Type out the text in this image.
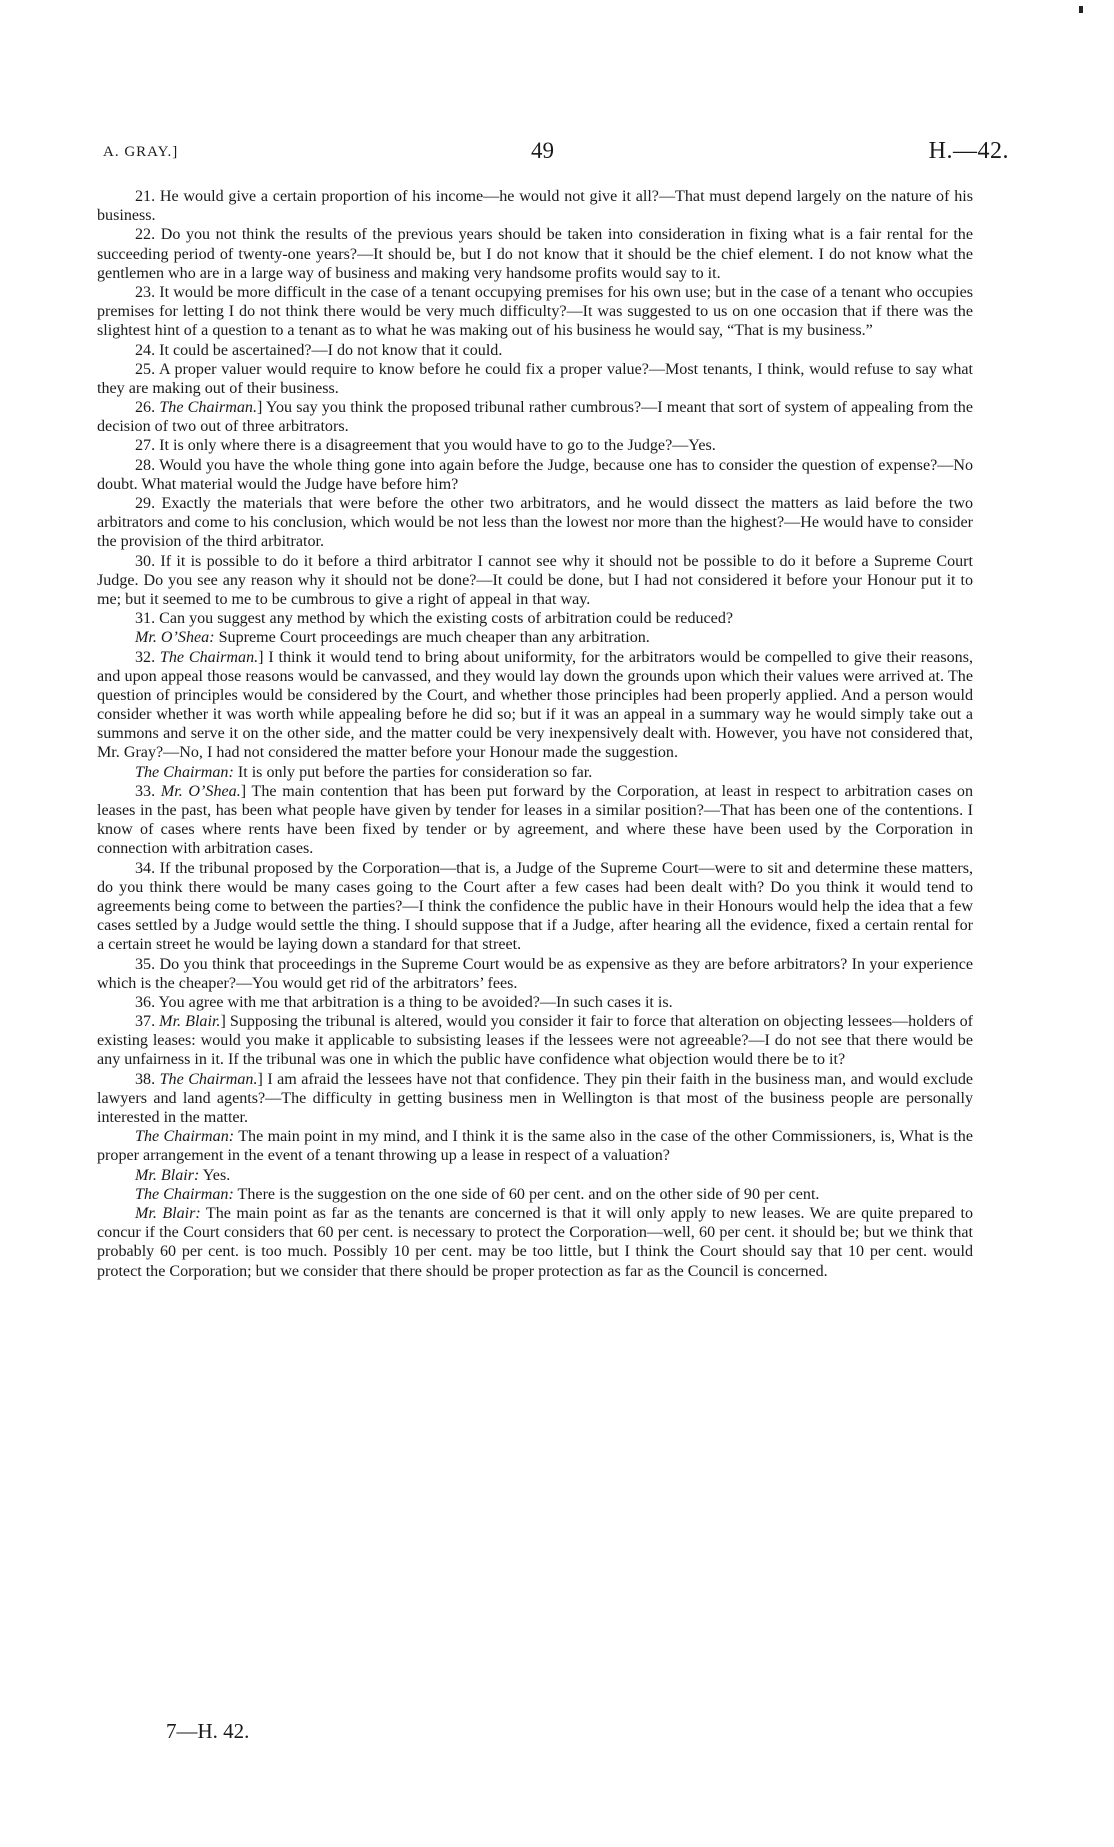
A. GRAY.]	49	H.—42.

21. He would give a certain proportion of his income—he would not give it all?—That must depend largely on the nature of his business.

22. Do you not think the results of the previous years should be taken into consideration in fixing what is a fair rental for the succeeding period of twenty-one years?—It should be, but I do not know that it should be the chief element. I do not know what the gentlemen who are in a large way of business and making very handsome profits would say to it.

23. It would be more difficult in the case of a tenant occupying premises for his own use; but in the case of a tenant who occupies premises for letting I do not think there would be very much difficulty?—It was suggested to us on one occasion that if there was the slightest hint of a question to a tenant as to what he was making out of his business he would say, “That is my business.”

24. It could be ascertained?—I do not know that it could.

25. A proper valuer would require to know before he could fix a proper value?—Most tenants, I think, would refuse to say what they are making out of their business.

26. The Chairman.] You say you think the proposed tribunal rather cumbrous?—I meant that sort of system of appealing from the decision of two out of three arbitrators.

27. It is only where there is a disagreement that you would have to go to the Judge?—Yes.

28. Would you have the whole thing gone into again before the Judge, because one has to consider the question of expense?—No doubt. What material would the Judge have before him?

29. Exactly the materials that were before the other two arbitrators, and he would dissect the matters as laid before the two arbitrators and come to his conclusion, which would be not less than the lowest nor more than the highest?—He would have to consider the provision of the third arbitrator.

30. If it is possible to do it before a third arbitrator I cannot see why it should not be possible to do it before a Supreme Court Judge. Do you see any reason why it should not be done?—It could be done, but I had not considered it before your Honour put it to me; but it seemed to me to be cumbrous to give a right of appeal in that way.

31. Can you suggest any method by which the existing costs of arbitration could be reduced?

Mr. O’Shea: Supreme Court proceedings are much cheaper than any arbitration.

32. The Chairman.] I think it would tend to bring about uniformity, for the arbitrators would be compelled to give their reasons, and upon appeal those reasons would be canvassed, and they would lay down the grounds upon which their values were arrived at. The question of principles would be considered by the Court, and whether those principles had been properly applied. And a person would consider whether it was worth while appealing before he did so; but if it was an appeal in a summary way he would simply take out a summons and serve it on the other side, and the matter could be very inexpensively dealt with. However, you have not considered that, Mr. Gray?—No, I had not considered the matter before your Honour made the suggestion.

The Chairman: It is only put before the parties for consideration so far.

33. Mr. O’Shea.] The main contention that has been put forward by the Corporation, at least in respect to arbitration cases on leases in the past, has been what people have given by tender for leases in a similar position?—That has been one of the contentions. I know of cases where rents have been fixed by tender or by agreement, and where these have been used by the Corporation in connection with arbitration cases.

34. If the tribunal proposed by the Corporation—that is, a Judge of the Supreme Court—were to sit and determine these matters, do you think there would be many cases going to the Court after a few cases had been dealt with? Do you think it would tend to agreements being come to between the parties?—I think the confidence the public have in their Honours would help the idea that a few cases settled by a Judge would settle the thing. I should suppose that if a Judge, after hearing all the evidence, fixed a certain rental for a certain street he would be laying down a standard for that street.

35. Do you think that proceedings in the Supreme Court would be as expensive as they are before arbitrators? In your experience which is the cheaper?—You would get rid of the arbitrators’ fees.

36. You agree with me that arbitration is a thing to be avoided?—In such cases it is.

37. Mr. Blair.] Supposing the tribunal is altered, would you consider it fair to force that alteration on objecting lessees—holders of existing leases: would you make it applicable to subsisting leases if the lessees were not agreeable?—I do not see that there would be any unfairness in it. If the tribunal was one in which the public have confidence what objection would there be to it?

38. The Chairman.] I am afraid the lessees have not that confidence. They pin their faith in the business man, and would exclude lawyers and land agents?—The difficulty in getting business men in Wellington is that most of the business people are personally interested in the matter.

The Chairman: The main point in my mind, and I think it is the same also in the case of the other Commissioners, is, What is the proper arrangement in the event of a tenant throwing up a lease in respect of a valuation?

Mr. Blair: Yes.

The Chairman: There is the suggestion on the one side of 60 per cent. and on the other side of 90 per cent.

Mr. Blair: The main point as far as the tenants are concerned is that it will only apply to new leases. We are quite prepared to concur if the Court considers that 60 per cent. is necessary to protect the Corporation—well, 60 per cent. it should be; but we think that probably 60 per cent. is too much. Possibly 10 per cent. may be too little, but I think the Court should say that 10 per cent. would protect the Corporation; but we consider that there should be proper protection as far as the Council is concerned.

7—H. 42.
